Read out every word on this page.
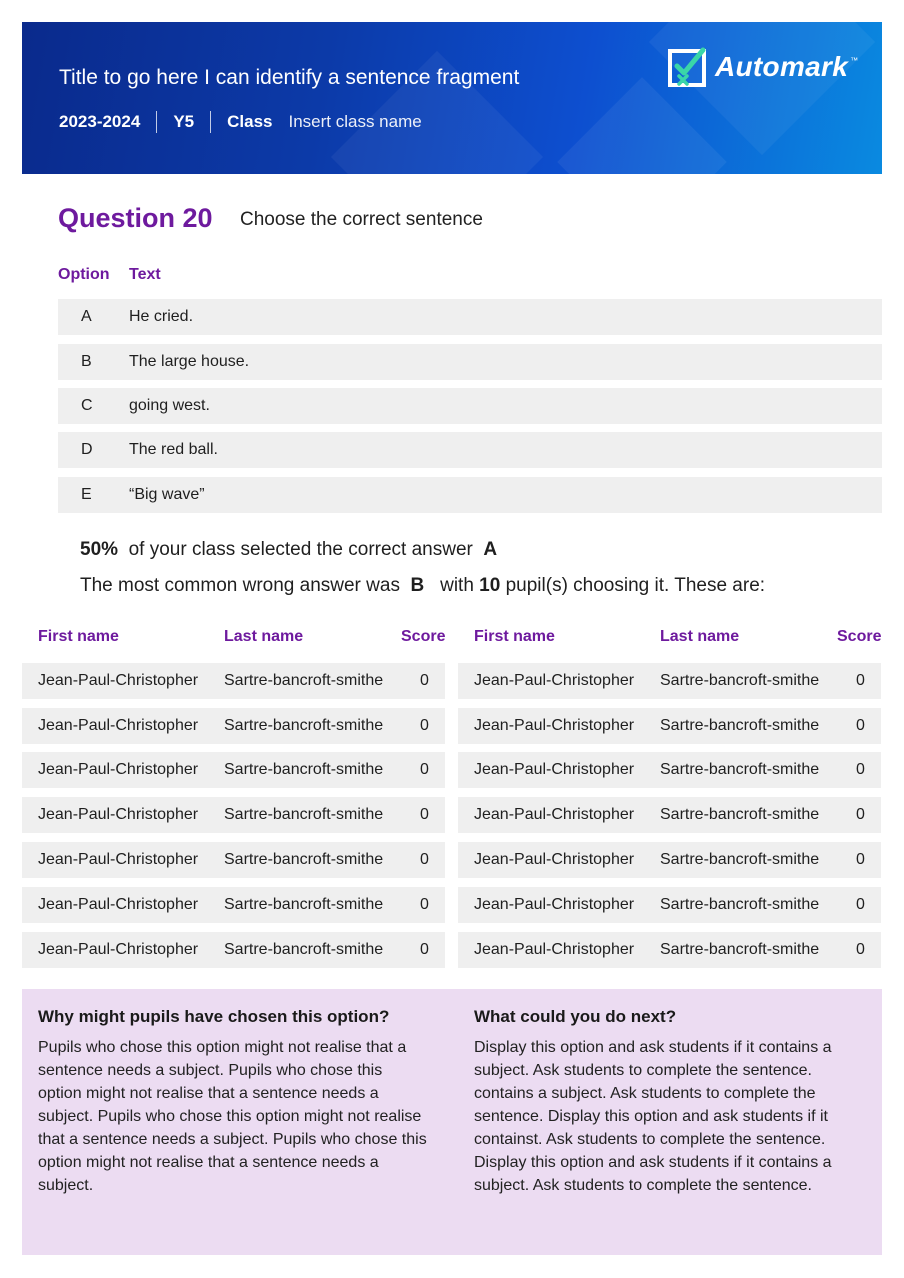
Title to go here I can identify a sentence fragment
2023-2024 Y5 Class Insert class name
Automark ™
Question 20 Choose the correct sentence
Option Text
A	He cried.
B	The large house.
C	going west.
D	The red ball.
E	“Big wave”
50% of your class selected the correct answer A
The most common wrong answer was B with 10 pupil(s) choosing it. These are:
First name	Last name	Score First name	Last name	Score
Jean-Paul-Christopher Sartre-bancroft-smithe 0
Jean-Paul-Christopher Sartre-bancroft-smithe 0
Jean-Paul-Christopher Sartre-bancroft-smithe 0
Jean-Paul-Christopher Sartre-bancroft-smithe 0
Jean-Paul-Christopher Sartre-bancroft-smithe 0
Jean-Paul-Christopher Sartre-bancroft-smithe 0
Jean-Paul-Christopher Sartre-bancroft-smithe 0
Jean-Paul-Christopher Sartre-bancroft-smithe 0
Jean-Paul-Christopher Sartre-bancroft-smithe 0
Jean-Paul-Christopher Sartre-bancroft-smithe 0
Jean-Paul-Christopher Sartre-bancroft-smithe 0
Jean-Paul-Christopher Sartre-bancroft-smithe 0
Jean-Paul-Christopher Sartre-bancroft-smithe 0
Jean-Paul-Christopher Sartre-bancroft-smithe 0
Why might pupils have chosen this option?

Pupils who chose this option might not realise that a sentence needs a subject. Pupils who chose this option might not realise that a sentence needs a subject. Pupils who chose this option might not realise that a sentence needs a subject. Pupils who chose this option might not realise that a sentence needs a subject.

What could you do next?

Display this option and ask students if it contains a subject. Ask students to complete the sentence. contains a subject. Ask students to complete the sentence. Display this option and ask students if it containst. Ask students to complete the sentence. Display this option and ask students if it contains a subject. Ask students to complete the sentence.
